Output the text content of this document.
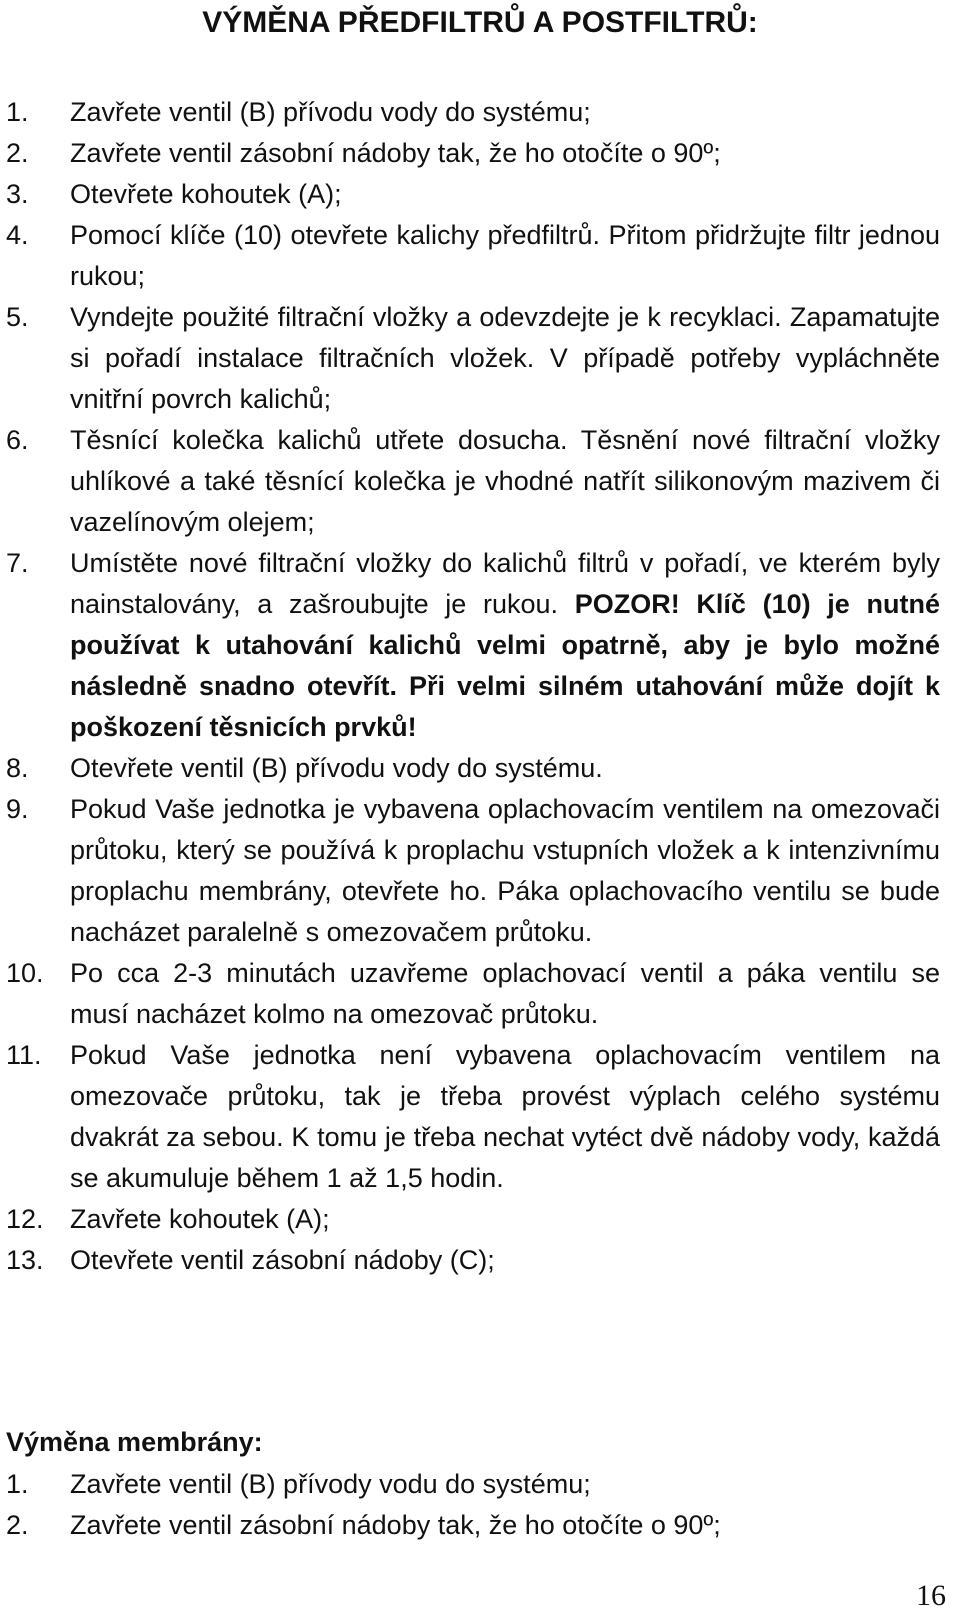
VÝMĚNA PŘEDFILTRŮ A POSTFILTRŮ:
1.	Zavřete ventil (B) přívodu vody do systému;
2.	Zavřete ventil zásobní nádoby tak, že ho otočíte o 90º;
3.	Otevřete kohoutek (A);
4.	Pomocí klíče (10) otevřete kalichy předfiltrů. Přitom přidržujte filtr jednou rukou;
5.	Vyndejte použité filtrační vložky a odevzdejte je k recyklaci. Zapamatujte si pořadí instalace filtračních vložek. V případě potřeby vypláchněte vnitřní povrch kalichů;
6.	Těsnící kolečka kalichů utřete dosucha. Těsnění nové filtrační vložky uhlíkové a také těsnící kolečka je vhodné natřít silikonovým mazivem či vazelínovým olejem;
7.	Umístěte nové filtrační vložky do kalichů filtrů v pořadí, ve kterém byly nainstalovány, a zašroubujte je rukou. POZOR! Klíč (10) je nutné používat k utahování kalichů velmi opatrně, aby je bylo možné následně snadno otevřít. Při velmi silném utahování může dojít k poškození těsnicích prvků!
8.	Otevřete ventil (B) přívodu vody do systému.
9.	Pokud Vaše jednotka je vybavena oplachovacím ventilem na omezovači průtoku, který se používá k proplachu vstupních vložek a k intenzivnímu proplachu membrány, otevřete ho. Páka oplachovacího ventilu se bude nacházet paralelně s omezovačem průtoku.
10. Po cca 2-3 minutách uzavřeme oplachovací ventil a páka ventilu se musí nacházet kolmo na omezovač průtoku.
11.	Pokud Vaše jednotka není vybavena oplachovacím ventilem na omezovače průtoku, tak je třeba provést výplach celého systému dvakrát za sebou. K tomu je třeba nechat vytéct dvě nádoby vody, každá se akumuluje během 1 až 1,5 hodin.
12. Zavřete kohoutek (A);
13. Otevřete ventil zásobní nádoby (C);
Výměna membrány:
1.	Zavřete ventil (B) přívody vodu do systému;
2.	Zavřete ventil zásobní nádoby tak, že ho otočíte o 90º;
16
